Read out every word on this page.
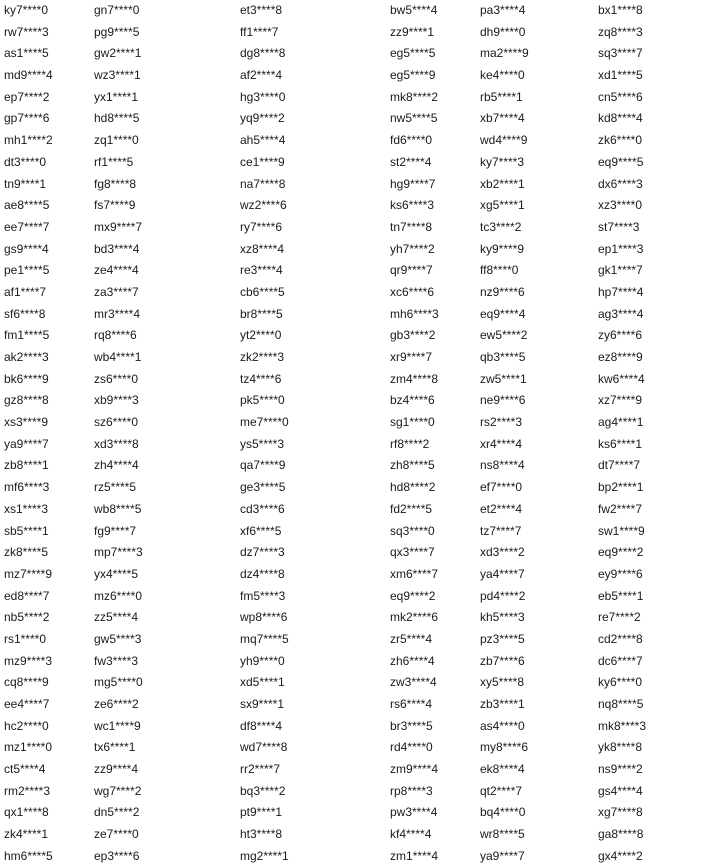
ky7****0
rw7****3
as1****5
md9****4
ep7****2
gp7****6
mh1****2
dt3****0
tn9****1
ae8****5
ee7****7
gs9****4
pe1****5
af1****7
sf6****8
fm1****5
ak2****3
bk6****9
gz8****8
xs3****9
ya9****7
zb8****1
mf6****3
xs1****3
sb5****1
zk8****5
mz7****9
ed8****7
nb5****2
rs1****0
mz9****3
cq8****9
ee4****7
hc2****0
mz1****0
ct5****4
rm2****3
qx1****8
zk4****1
hm6****5
gn7****0
pg9****5
gw2****1
wz3****1
yx1****1
hd8****5
zq1****0
rf1****5
fg8****8
fs7****9
mx9****7
bd3****4
ze4****4
za3****7
mr3****4
rq8****6
wb4****1
zs6****0
xb9****3
sz6****0
xd3****8
zh4****4
rz5****5
wb8****5
fg9****7
mp7****3
yx4****5
mz6****0
zz5****4
gw5****3
fw3****3
mg5****0
ze6****2
wc1****9
tx6****1
zz9****4
wg7****2
dn5****2
ze7****0
ep3****6
et3****8
ff1****7
dg8****8
af2****4
hg3****0
yq9****2
ah5****4
ce1****9
na7****8
wz2****6
ry7****6
xz8****4
re3****4
cb6****5
br8****5
yt2****0
zk2****3
tz4****6
pk5****0
me7****0
ys5****3
qa7****9
ge3****5
cd3****6
xf6****5
dz7****3
dz4****8
fm5****3
wp8****6
mq7****5
yh9****0
xd5****1
sx9****1
df8****4
wd7****8
rr2****7
bq3****2
pt9****1
ht3****8
mg2****1
bw5****4
zz9****1
eg5****5
eg5****9
mk8****2
nw5****5
fd6****0
st2****4
hg9****7
ks6****3
tn7****8
yh7****2
qr9****7
xc6****6
mh6****3
gb3****2
xr9****7
zm4****8
bz4****6
sg1****0
rf8****2
zh8****5
hd8****2
fd2****5
sq3****0
qx3****7
xm6****7
eq9****2
mk2****6
zr5****4
zh6****4
zw3****4
rs6****4
br3****5
rd4****0
zm9****4
rp8****3
pw3****4
kf4****4
zm1****4
pa3****4
dh9****0
ma2****9
ke4****0
rb5****1
xb7****4
wd4****9
ky7****3
xb2****1
xg5****1
tc3****2
ky9****9
ff8****0
nz9****6
eq9****4
ew5****2
qb3****5
zw5****1
ne9****6
rs2****3
xr4****4
ns8****4
ef7****0
et2****4
tz7****7
xd3****2
ya4****7
pd4****2
kh5****3
pz3****5
zb7****6
xy5****8
zb3****1
as4****0
my8****6
ek8****4
qt2****7
bq4****0
wr8****5
ya9****7
bx1****8
zq8****3
sq3****7
xd1****5
cn5****6
kd8****4
zk6****0
eq9****5
dx6****3
xz3****0
st7****3
ep1****3
gk1****7
hp7****4
ag3****4
zy6****6
ez8****9
kw6****4
xz7****9
ag4****1
ks6****1
dt7****7
bp2****1
fw2****7
sw1****9
eq9****2
ey9****6
eb5****1
re7****2
cd2****8
dc6****7
ky6****0
nq8****5
mk8****3
yk8****8
ns9****2
gs4****4
xg7****8
ga8****8
gx4****2
